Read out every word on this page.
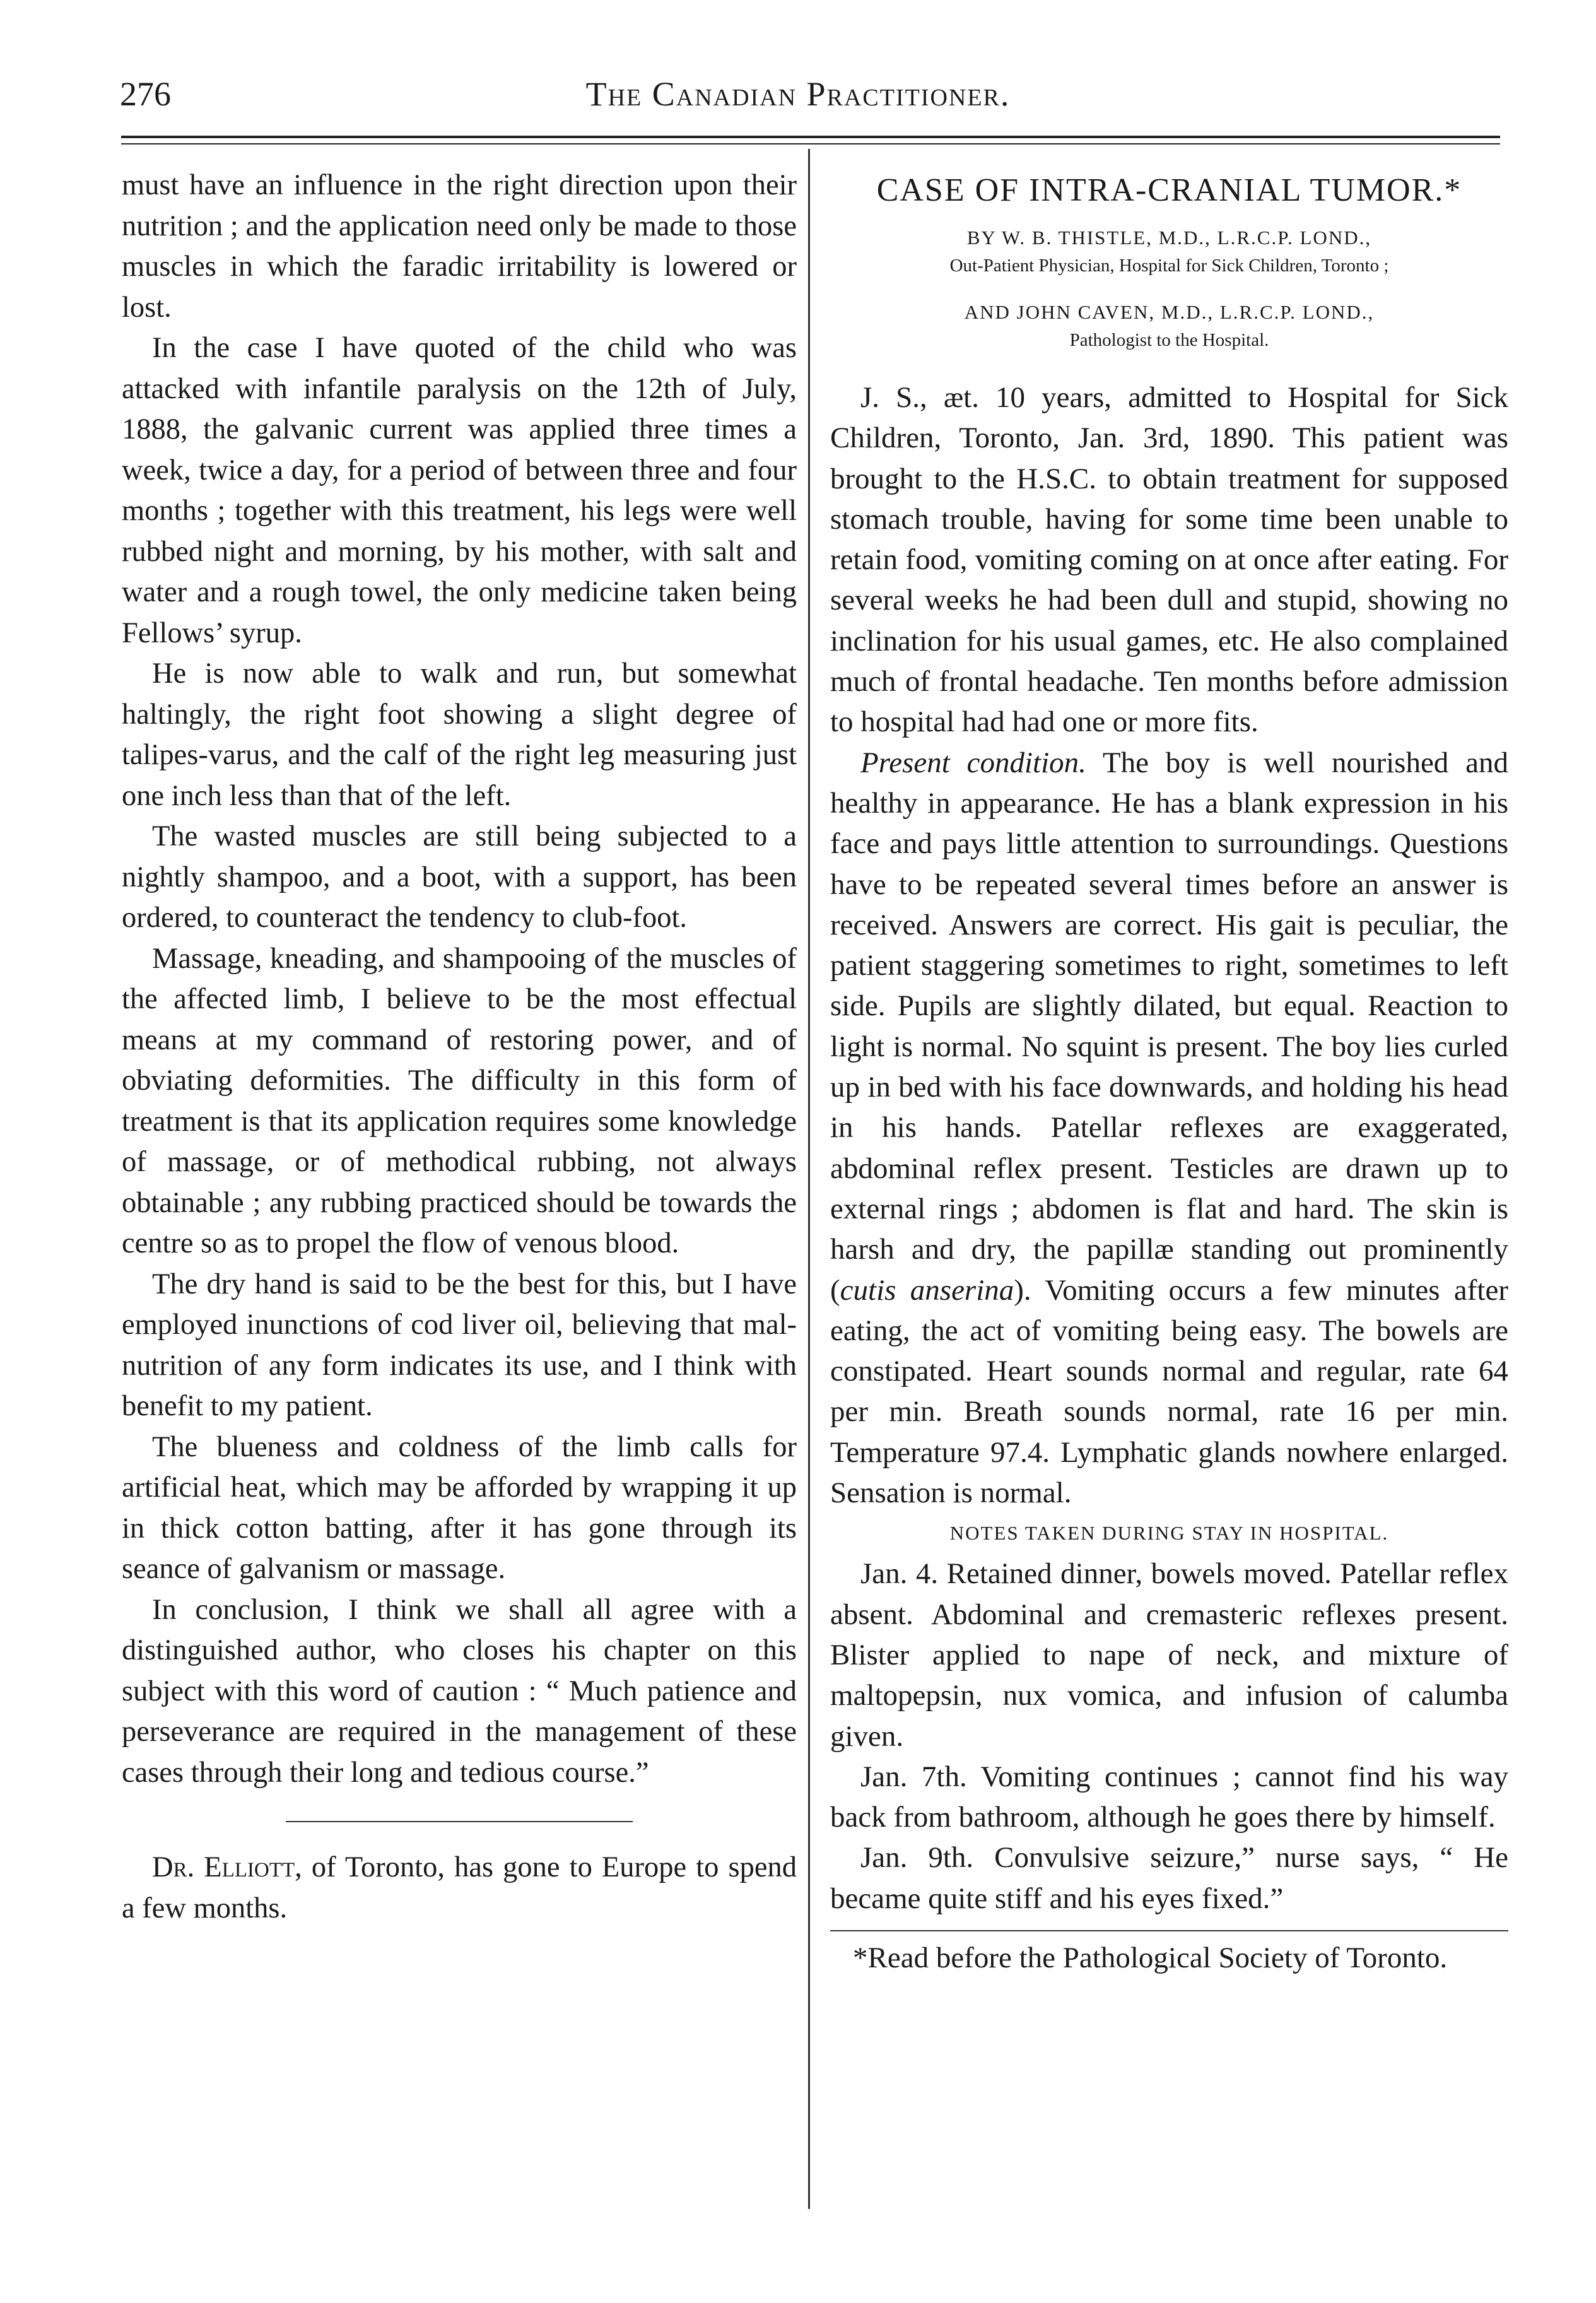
276	The Canadian Practitioner.

must have an influence in the right direction upon their nutrition ; and the application need only be made to those muscles in which the faradic irritability is lowered or lost.

In the case I have quoted of the child who was attacked with infantile paralysis on the 12th of July, 1888, the galvanic current was applied three times a week, twice a day, for a period of between three and four months ; together with this treatment, his legs were well rubbed night and morning, by his mother, with salt and water and a rough towel, the only medicine taken being Fellows’ syrup.

He is now able to walk and run, but somewhat haltingly, the right foot showing a slight degree of talipes-varus, and the calf of the right leg measuring just one inch less than that of the left.

The wasted muscles are still being subjected to a nightly shampoo, and a boot, with a support, has been ordered, to counteract the tendency to club-foot.

Massage, kneading, and shampooing of the muscles of the affected limb, I believe to be the most effectual means at my command of restoring power, and of obviating deformities. The difficulty in this form of treatment is that its application requires some knowledge of massage, or of methodical rubbing, not always obtainable ; any rubbing practiced should be towards the centre so as to propel the flow of venous blood.

The dry hand is said to be the best for this, but I have employed inunctions of cod liver oil, believing that mal-nutrition of any form indicates its use, and I think with benefit to my patient.

The blueness and coldness of the limb calls for artificial heat, which may be afforded by wrapping it up in thick cotton batting, after it has gone through its seance of galvanism or massage.

In conclusion, I think we shall all agree with a distinguished author, who closes his chapter on this subject with this word of caution : “ Much patience and perseverance are required in the management of these cases through their long and tedious course.”

Dr. Elliott, of Toronto, has gone to Europe to spend a few months.

CASE OF INTRA-CRANIAL TUMOR.*
BY W. B. THISTLE, M.D., L.R.C.P. LOND.,
Out-Patient Physician, Hospital for Sick Children, Toronto ;
AND JOHN CAVEN, M.D., L.R.C.P. LOND.,
Pathologist to the Hospital.

J. S., æt. 10 years, admitted to Hospital for Sick Children, Toronto, Jan. 3rd, 1890. This patient was brought to the H.S.C. to obtain treatment for supposed stomach trouble, having for some time been unable to retain food, vomiting coming on at once after eating. For several weeks he had been dull and stupid, showing no inclination for his usual games, etc. He also complained much of frontal headache. Ten months before admission to hospital had had one or more fits.

Present condition. The boy is well nourished and healthy in appearance. He has a blank expression in his face and pays little attention to surroundings. Questions have to be repeated several times before an answer is received. Answers are correct. His gait is peculiar, the patient staggering sometimes to right, sometimes to left side. Pupils are slightly dilated, but equal. Reaction to light is normal. No squint is present. The boy lies curled up in bed with his face downwards, and holding his head in his hands. Patellar reflexes are exaggerated, abdominal reflex present. Testicles are drawn up to external rings ; abdomen is flat and hard. The skin is harsh and dry, the papillæ standing out prominently (cutis anserina). Vomiting occurs a few minutes after eating, the act of vomiting being easy. The bowels are constipated. Heart sounds normal and regular, rate 64 per min. Breath sounds normal, rate 16 per min. Temperature 97.4. Lymphatic glands nowhere enlarged. Sensation is normal.

NOTES TAKEN DURING STAY IN HOSPITAL.

Jan. 4. Retained dinner, bowels moved. Patellar reflex absent. Abdominal and cremasteric reflexes present. Blister applied to nape of neck, and mixture of maltopepsin, nux vomica, and infusion of calumba given.

Jan. 7th. Vomiting continues ; cannot find his way back from bathroom, although he goes there by himself.

Jan. 9th. Convulsive seizure,” nurse says, “ He became quite stiff and his eyes fixed.”

*Read before the Pathological Society of Toronto.
